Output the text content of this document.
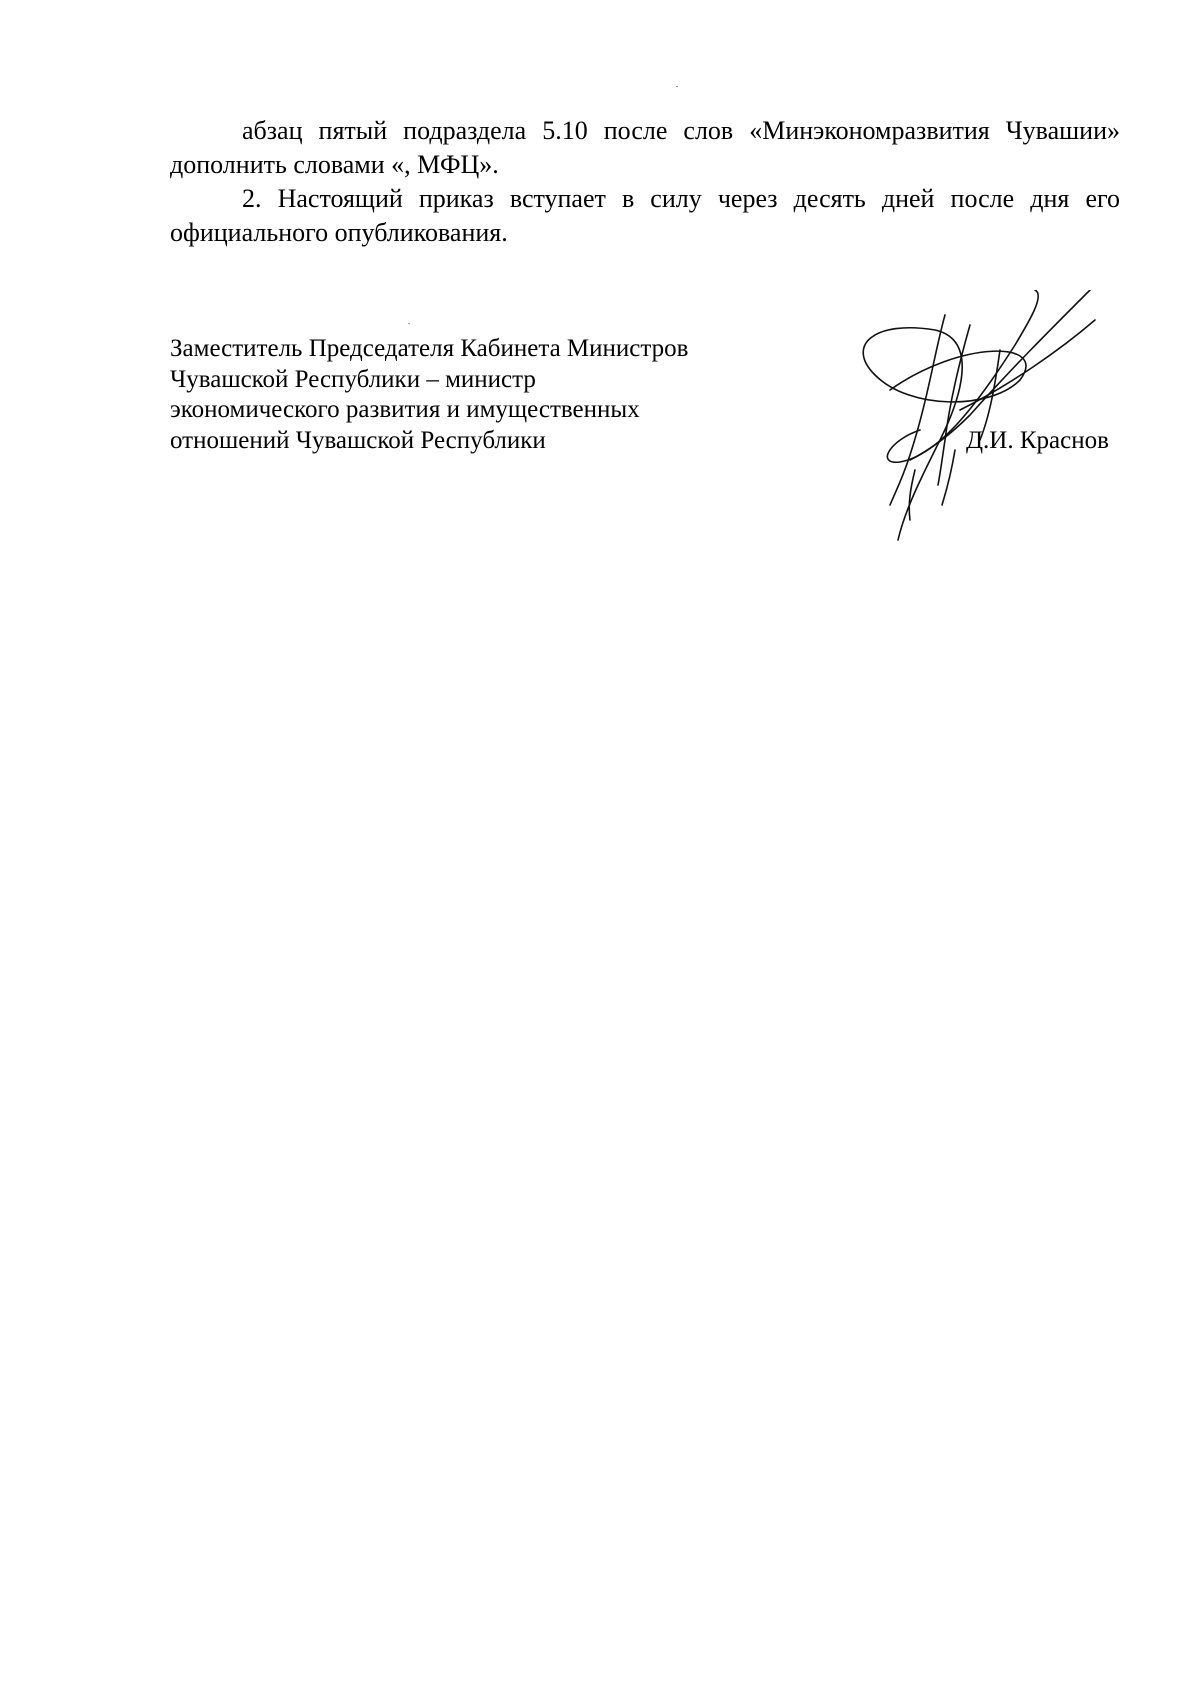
абзац пятый подраздела 5.10 после слов «Минэкономразвития Чувашии» дополнить словами «, МФЦ».

2. Настоящий приказ вступает в силу через десять дней после дня его официального опубликования.

Заместитель Председателя Кабинета Министров
Чувашской Республики – министр
экономического развития и имущественных
отношений Чувашской Республики	Д.И. Краснов
